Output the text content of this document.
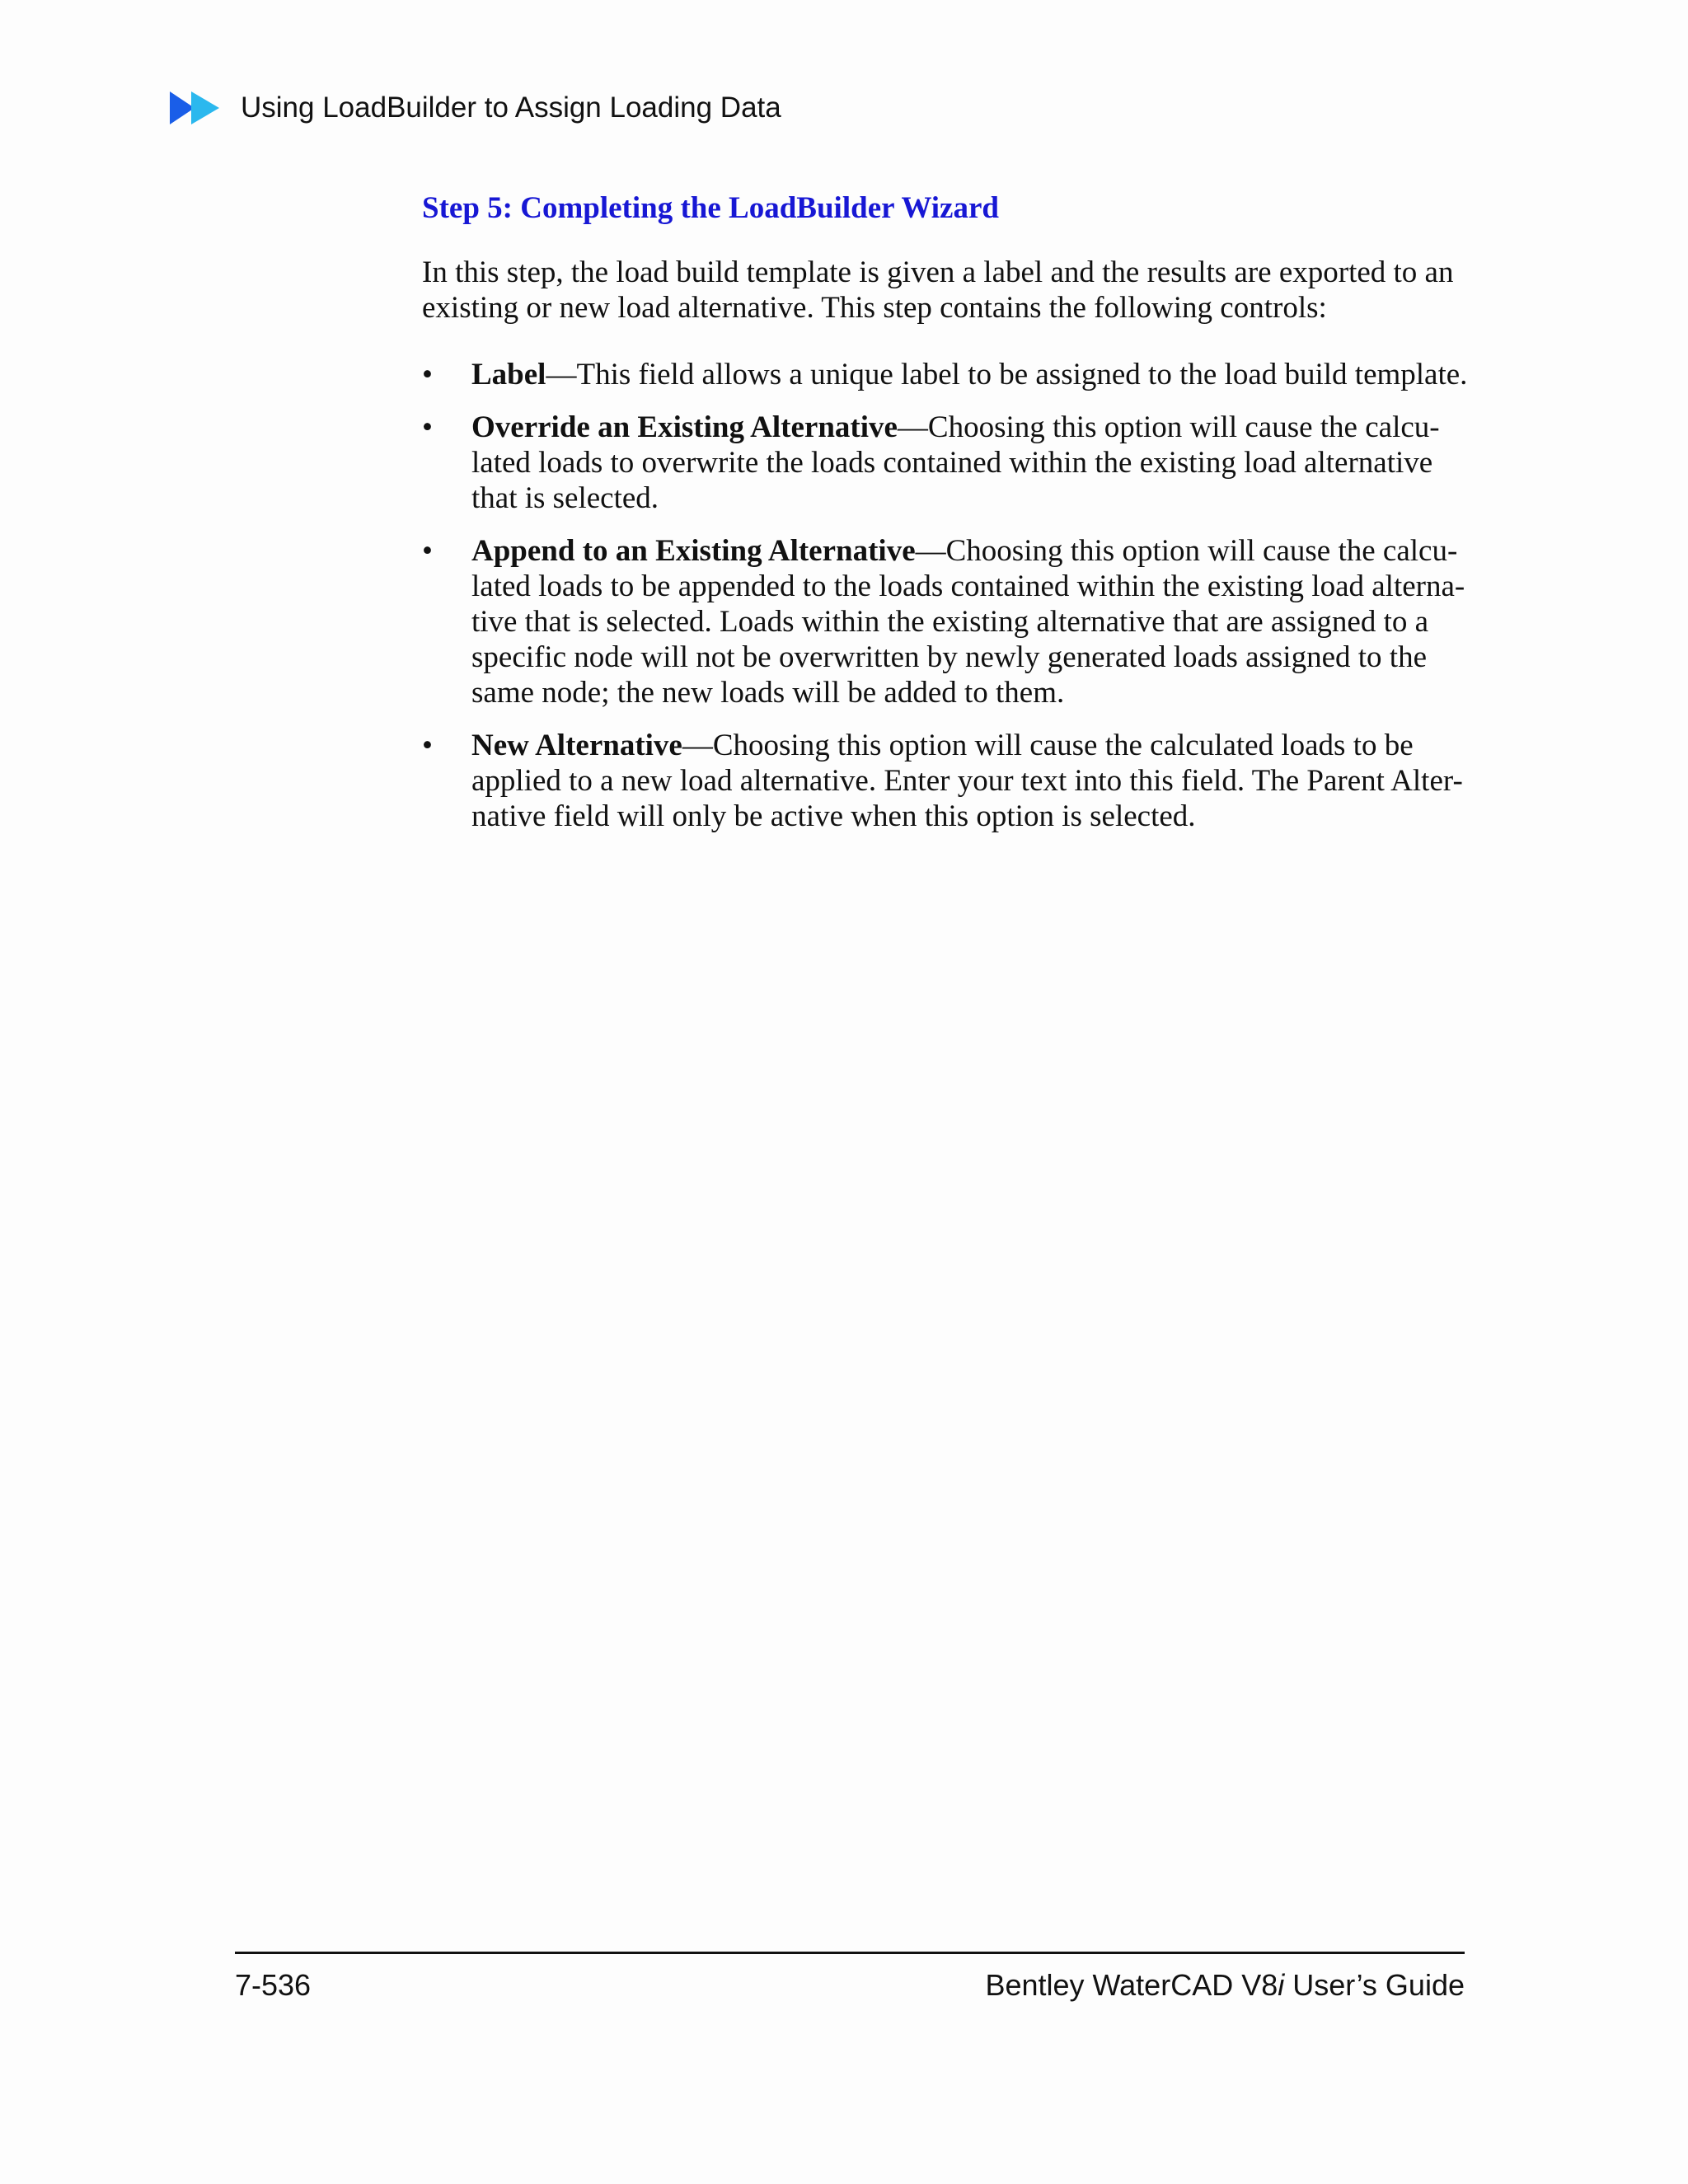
Using LoadBuilder to Assign Loading Data
Step 5: Completing the LoadBuilder Wizard

In this step, the load build template is given a label and the results are exported to an
existing or new load alternative. This step contains the following controls:

• Label—This field allows a unique label to be assigned to the load build template.
• Override an Existing Alternative—Choosing this option will cause the calcu-
lated loads to overwrite the loads contained within the existing load alternative
that is selected.
• Append to an Existing Alternative—Choosing this option will cause the calcu-
lated loads to be appended to the loads contained within the existing load alterna-
tive that is selected. Loads within the existing alternative that are assigned to a
specific node will not be overwritten by newly generated loads assigned to the
same node; the new loads will be added to them.
• New Alternative—Choosing this option will cause the calculated loads to be
applied to a new load alternative. Enter your text into this field. The Parent Alter-
native field will only be active when this option is selected.
7-536	Bentley WaterCAD V8i User’s Guide
